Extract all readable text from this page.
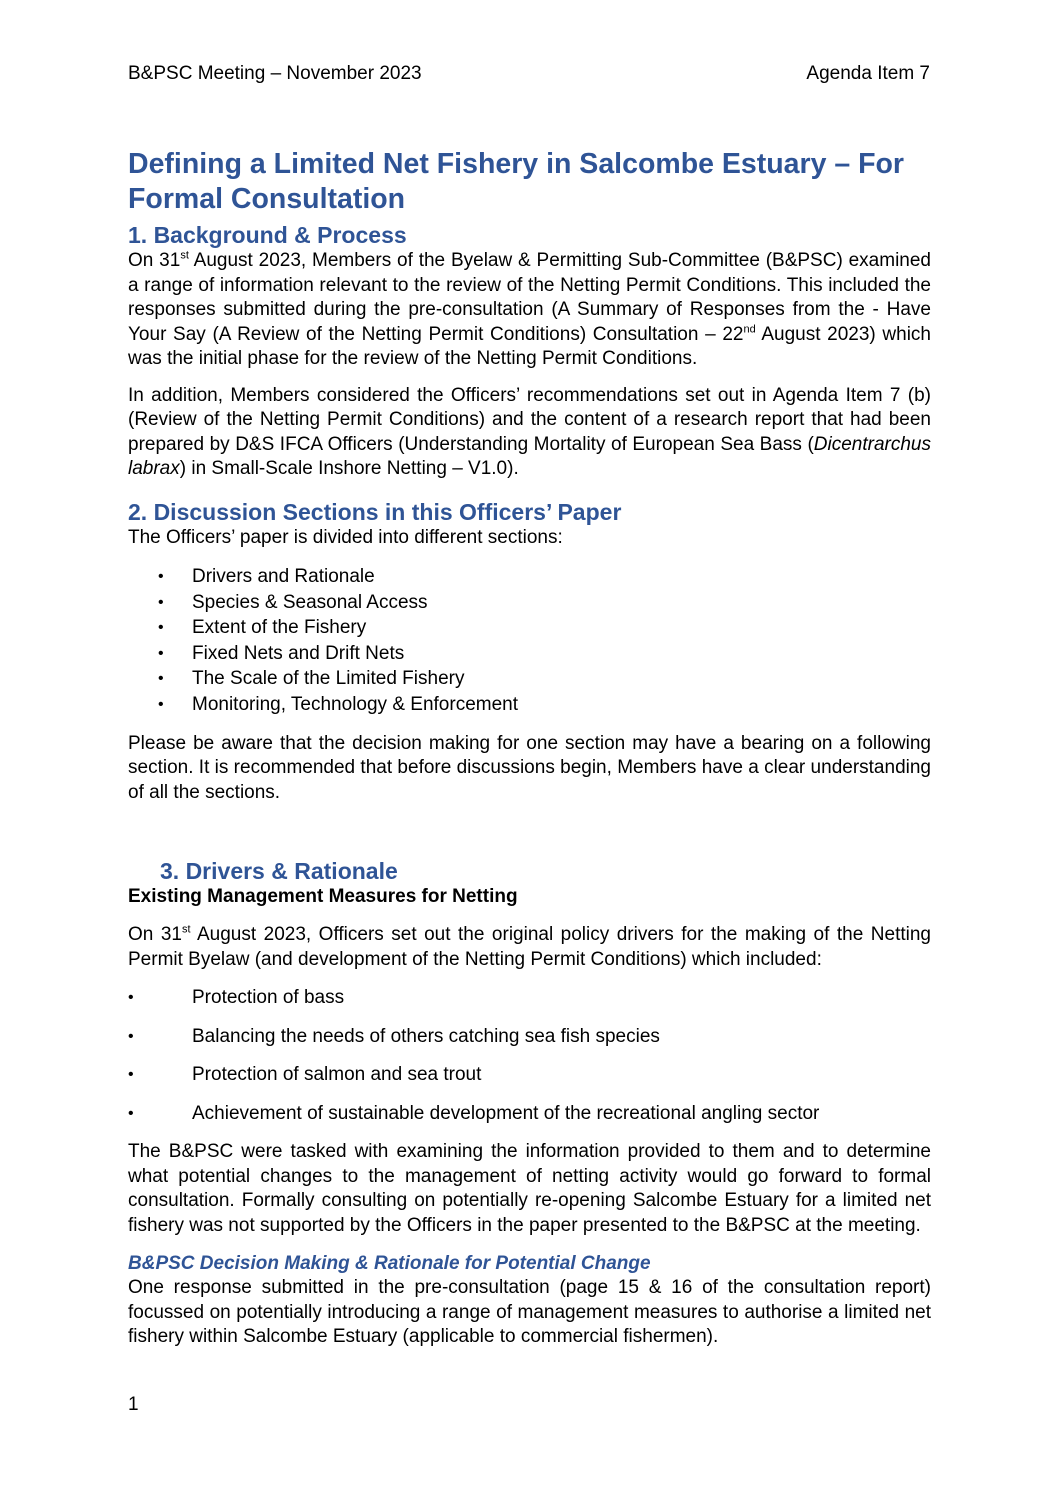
B&PSC Meeting – November 2023	Agenda Item 7
Defining a Limited Net Fishery in Salcombe Estuary – For
Formal Consultation
1. Background & Process

On 31st August 2023, Members of the Byelaw & Permitting Sub-Committee (B&PSC) examined a range of information relevant to the review of the Netting Permit Conditions. This included the responses submitted during the pre-consultation (A Summary of Responses from the - Have Your Say (A Review of the Netting Permit Conditions) Consultation – 22nd August 2023) which was the initial phase for the review of the Netting Permit Conditions.

In addition, Members considered the Officers’ recommendations set out in Agenda Item 7 (b) (Review of the Netting Permit Conditions) and the content of a research report that had been prepared by D&S IFCA Officers (Understanding Mortality of European Sea Bass (Dicentrarchus labrax) in Small-Scale Inshore Netting – V1.0).

2. Discussion Sections in this Officers’ Paper

The Officers’ paper is divided into different sections:

• Drivers and Rationale
• Species & Seasonal Access
• Extent of the Fishery
• Fixed Nets and Drift Nets
• The Scale of the Limited Fishery
• Monitoring, Technology & Enforcement

Please be aware that the decision making for one section may have a bearing on a following section. It is recommended that before discussions begin, Members have a clear understanding of all the sections.

3. Drivers & Rationale
Existing Management Measures for Netting

On 31st August 2023, Officers set out the original policy drivers for the making of the Netting Permit Byelaw (and development of the Netting Permit Conditions) which included:

•	Protection of bass
•	Balancing the needs of others catching sea fish species
•	Protection of salmon and sea trout
•	Achievement of sustainable development of the recreational angling sector

The B&PSC were tasked with examining the information provided to them and to determine what potential changes to the management of netting activity would go forward to formal consultation. Formally consulting on potentially re-opening Salcombe Estuary for a limited net fishery was not supported by the Officers in the paper presented to the B&PSC at the meeting.

B&PSC Decision Making & Rationale for Potential Change

One response submitted in the pre-consultation (page 15 & 16 of the consultation report) focussed on potentially introducing a range of management measures to authorise a limited net fishery within Salcombe Estuary (applicable to commercial fishermen).

1
